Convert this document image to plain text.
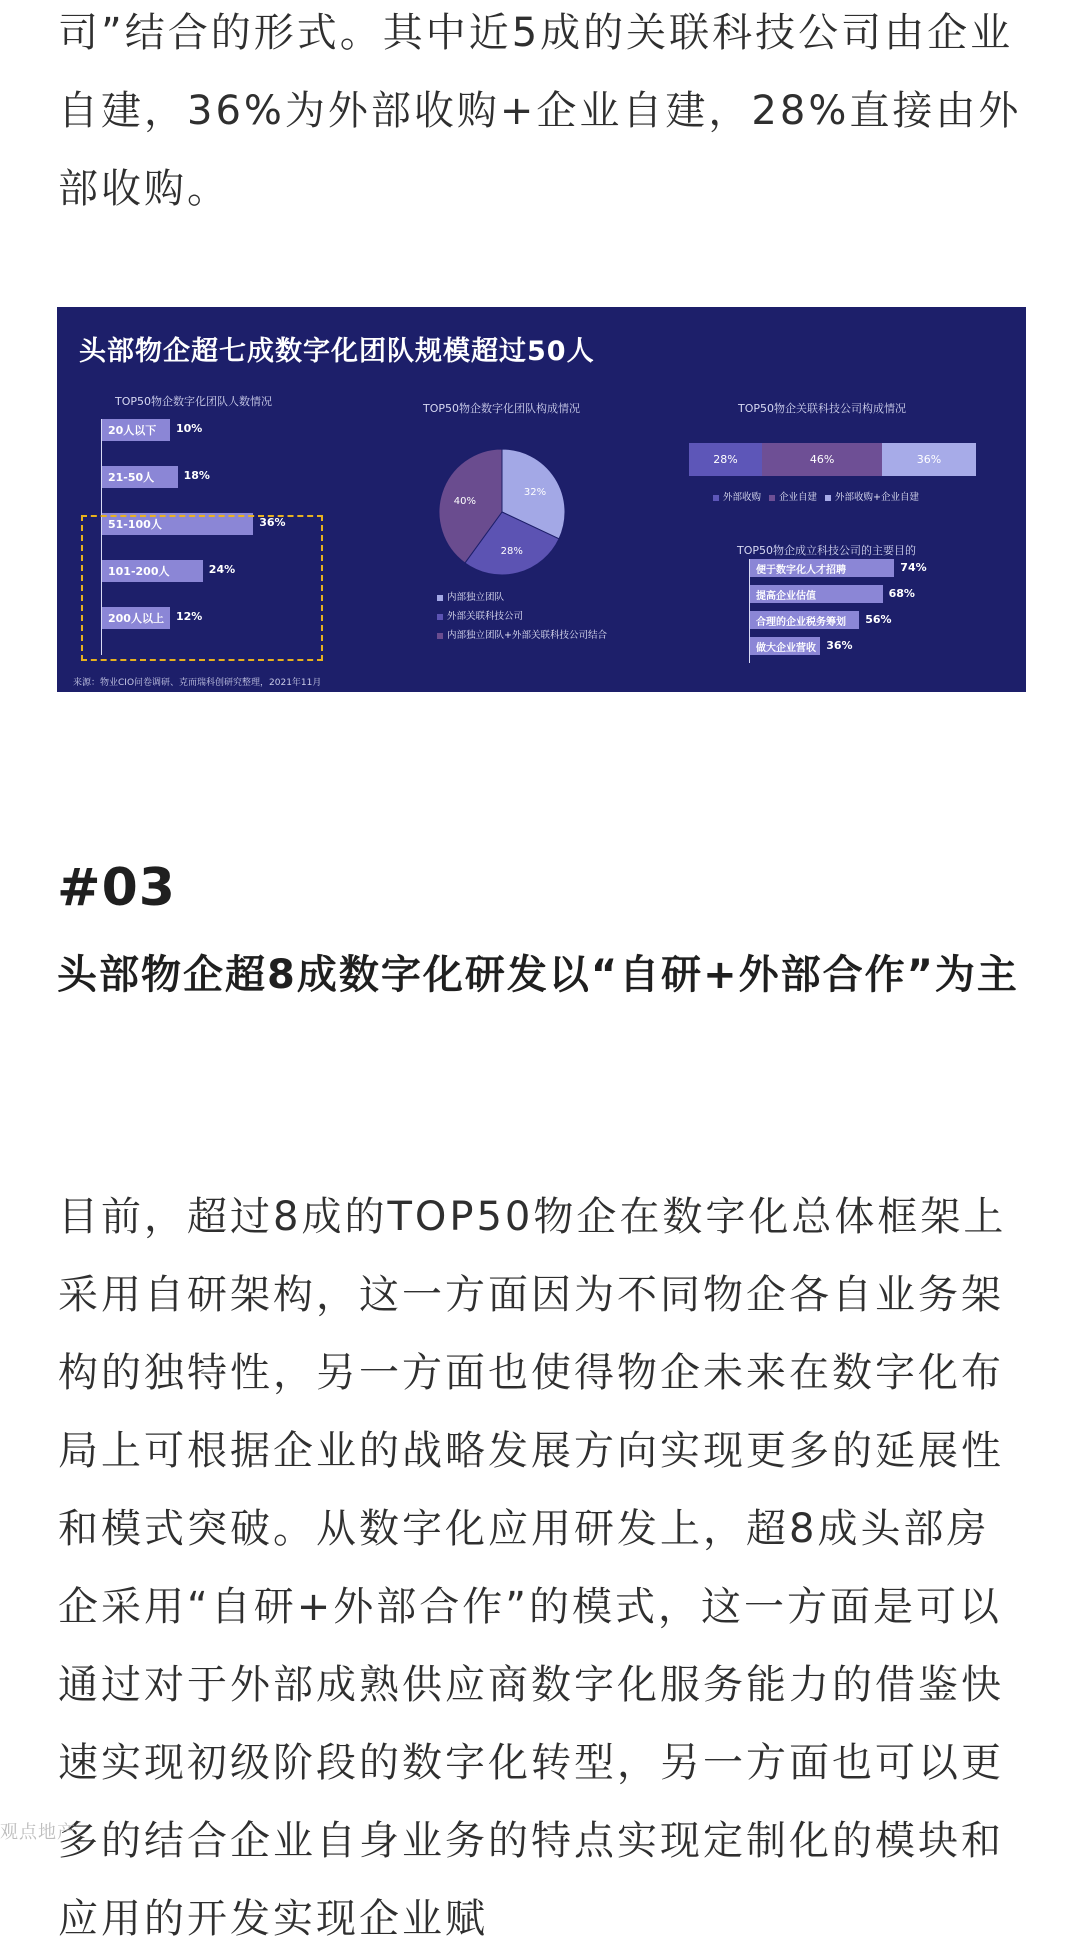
司”结合的形式。其中近5成的关联科技公司由企业自建，36%为外部收购+企业自建，28%直接由外部收购。

头部物企超七成数字化团队规模超过50人
TOP50物企数字化团队人数情况
20人以下 10%
21-50人	18%
51-100人	36%
101-200人	24%
200人以上 12%
TOP50物企数字化团队构成情况
32%
28%
40%
内部独立团队
外部关联科技公司
内部独立团队+外部关联科技公司结合
TOP50物企关联科技公司构成情况
28%	46%	36%
外部收购 企业自建 外部收购+企业自建
TOP50物企成立科技公司的主要目的
便于数字化人才招聘	74%
提高企业估值	68%
合理的企业税务筹划 56%
做大企业营收 36%
来源：物业CIO问卷调研、克而瑞科创研究整理，2021年11月
#03

头部物企超8成数字化研发以“自研+外部合作”为主

目前，超过8成的TOP50物企在数字化总体框架上采用自研架构，这一方面因为不同物企各自业务架构的独特性，另一方面也使得物企未来在数字化布局上可根据企业的战略发展方向实现更多的延展性和模式突破。从数字化应用研发上，超8成头部房企采用“自研+外部合作”的模式，这一方面是可以通过对于外部成熟供应商数字化服务能力的借鉴快速实现初级阶段的数字化转型，另一方面也可以更多的结合企业自身业务的特点实现定制化的模块和应用的开发实现企业赋

观点地产
